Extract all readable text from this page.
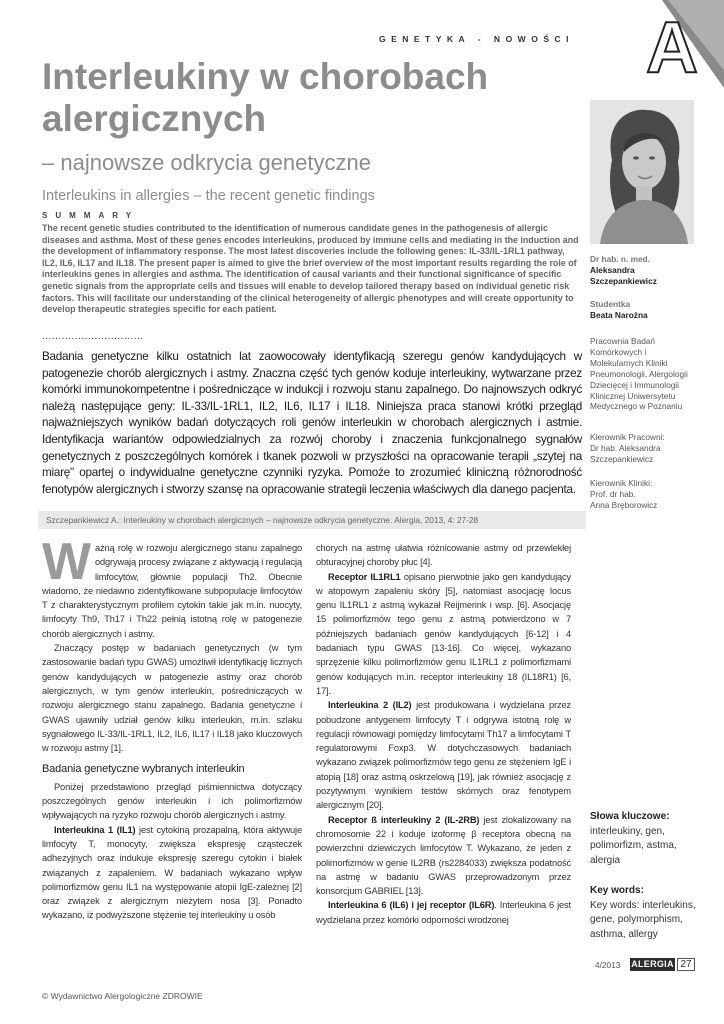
A
GENETYKA - NOWOŚCI
Interleukiny w chorobach alergicznych
– najnowsze odkrycia genetyczne
Interleukins in allergies – the recent genetic findings
SUMMARY
The recent genetic studies contributed to the identification of numerous candidate genes in the pathogenesis of allergic diseases and asthma. Most of these genes encodes interleukins, produced by immune cells and mediating in the induction and the development of inflammatory response. The most latest discoveries include the following genes: IL-33/IL-1RL1 pathway, IL2, IL6, IL17 and IL18. The present paper is aimed to give the brief overview of the most important results regarding the role of interleukins genes in allergies and asthma. The identification of causal variants and their functional significance of specific genetic signals from the appropriate cells and tissues will enable to develop tailored therapy based on individual genetic risk factors. This will facilitate our understanding of the clinical heterogeneity of allergic phenotypes and will create opportunity to develop therapeutic strategies specific for each patient.
...............................
Badania genetyczne kilku ostatnich lat zaowocowały identyfikacją szeregu genów kandydujących w patogenezie chorób alergicznych i astmy. Znaczna część tych genów koduje interleukiny, wytwarzane przez komórki immunokompetentne i pośredniczące w indukcji i rozwoju stanu zapalnego. Do najnowszych odkryć należą następujące geny: IL-33/IL-1RL1, IL2, IL6, IL17 i IL18. Niniejsza praca stanowi krótki przegląd najważniejszych wyników badań dotyczących roli genów interleukin w chorobach alergicznych i astmie. Identyfikacja wariantów odpowiedzialnych za rozwój choroby i znaczenia funkcjonalnego sygnałów genetycznych z poszczególnych komórek i tkanek pozwoli w przyszłości na opracowanie terapii „szytej na miarę" opartej o indywidualne genetyczne czynniki ryzyka. Pomoże to zrozumieć kliniczną różnorodność fenotypów alergicznych i stworzy szansę na opracowanie strategii leczenia właściwych dla danego pacjenta.
Szczepankiewicz A.: Interleukiny w chorobach alergicznych – najnowsze odkrycia genetyczne. Alergia, 2013, 4: 27-28

Ważną rolę w rozwoju alergicznego stanu zapalnego odgrywają procesy związane z aktywacją i regulacją limfocytów, głównie populacji Th2. Obecnie wiadomo, że niedawno zidentyfikowane subpopulacje limfocytów T z charakterystycznym profilem cytokin takie jak m.in. nuocyty, limfocyty Th9, Th17 i Th22 pełnią istotną rolę w patogenezie chorób alergicznych i astmy.

Znaczący postęp w badaniach genetycznych (w tym zastosowanie badań typu GWAS) umożliwił identyfikację licznych genów kandydujących w patogenezie astmy oraz chorób alergicznych, w tym genów interleukin, pośredniczących w rozwoju alergicznego stanu zapalnego. Badania genetyczne i GWAS ujawniły udział genów kilku interleukin, m.in. szlaku sygnałowego IL-33/IL-1RL1, IL2, IL6, IL17 i IL18 jako kluczowych w rozwoju astmy [1].

Badania genetyczne wybranych interleukin

Poniżej przedstawiono przegląd piśmiennictwa dotyczący poszczególnych genów interleukin i ich polimorfizmów wpływających na ryzyko rozwoju chorób alergicznych i astmy.

Interleukina 1 (IL1) jest cytokiną prozapalną, która aktywuje limfocyty T, monocyty, zwiększa ekspresję cząsteczek adhezyjnych oraz indukuje ekspresję szeregu cytokin i białek związanych z zapaleniem. W badaniach wykazano wpływ polimorfizmów genu IL1 na występowanie atopii IgE-zależnej [2] oraz związek z alergicznym nieżytem nosa [3]. Ponadto wykazano, iż podwyższone stężenie tej interleukiny u osób

chorych na astmę ułatwia różnicowanie astmy od przewlekłej obturacyjnej choroby płuc [4].

Receptor IL1RL1 opisano pierwotnie jako gen kandydujący w atopowym zapaleniu skóry [5], natomiast asocjację locus genu IL1RL1 z astmą wykazał Reijmerink i wsp. [6]. Asocjację 15 polimorfizmów tego genu z astmą potwierdzono w 7 późniejszych badaniach genów kandydujących [6-12] i 4 badaniach typu GWAS [13-16]. Co więcej, wykazano sprzężenie kilku polimorfizmów genu IL1RL1 z polimorfizmami genów kodujących m.in. receptor interleukiny 18 (IL18R1) [6, 17].

Interleukina 2 (IL2) jest produkowana i wydzielana przez pobudzone antygenem limfocyty T i odgrywa istotną rolę w regulacji równowagi pomiędzy limfocytami Th17 a limfocytami T regulatorowymi Foxp3. W dotychczasowych badaniach wykazano związek polimorfizmów tego genu ze stężeniem IgE i atopią [18] oraz astmą oskrzelową [19], jak również asocjację z pozytywnym wynikiem testów skórnych oraz fenotypem alergicznym [20].

Receptor ß interleukiny 2 (IL-2RB) jest zlokalizowany na chromosomie 22 i koduje izoformę β receptora obecną na powierzchni dziewiczych limfocytów T. Wykazano, że jeden z polimorfizmów w genie IL2RB (rs2284033) zwiększa podatność na astmę w badaniu GWAS przeprowadzonym przez konsorcjum GABRIEL [13].

Interleukina 6 (IL6) i jej receptor (IL6R). Interleukina 6 jest wydzielana przez komórki odporności wrodzonej

Dr hab. n. med.
Aleksandra
Szczepankiewicz
Studentka
Beata Narożna
Pracownia Badań
Komórkowych i
Molekularnych Kliniki
Pneumonologii, Alergologii
Dziecięcej i Immunologii
Klinicznej Uniwersytetu
Medycznego w Poznaniu
Kierownik Pracowni:
Dr hab. Aleksandra
Szczepankiewicz
Kierownik Kliniki:
Prof. dr hab.
Anna Bręborowicz
Słowa kluczowe:
interleukiny, gen,
polimorfizm, astma,
alergia
Key words:
Key words: interleukins,
gene, polymorphism,
asthma, allergy
4/2013 ALERGIA 27
© Wydawnictwo Alergologiczne ZDROWIE
